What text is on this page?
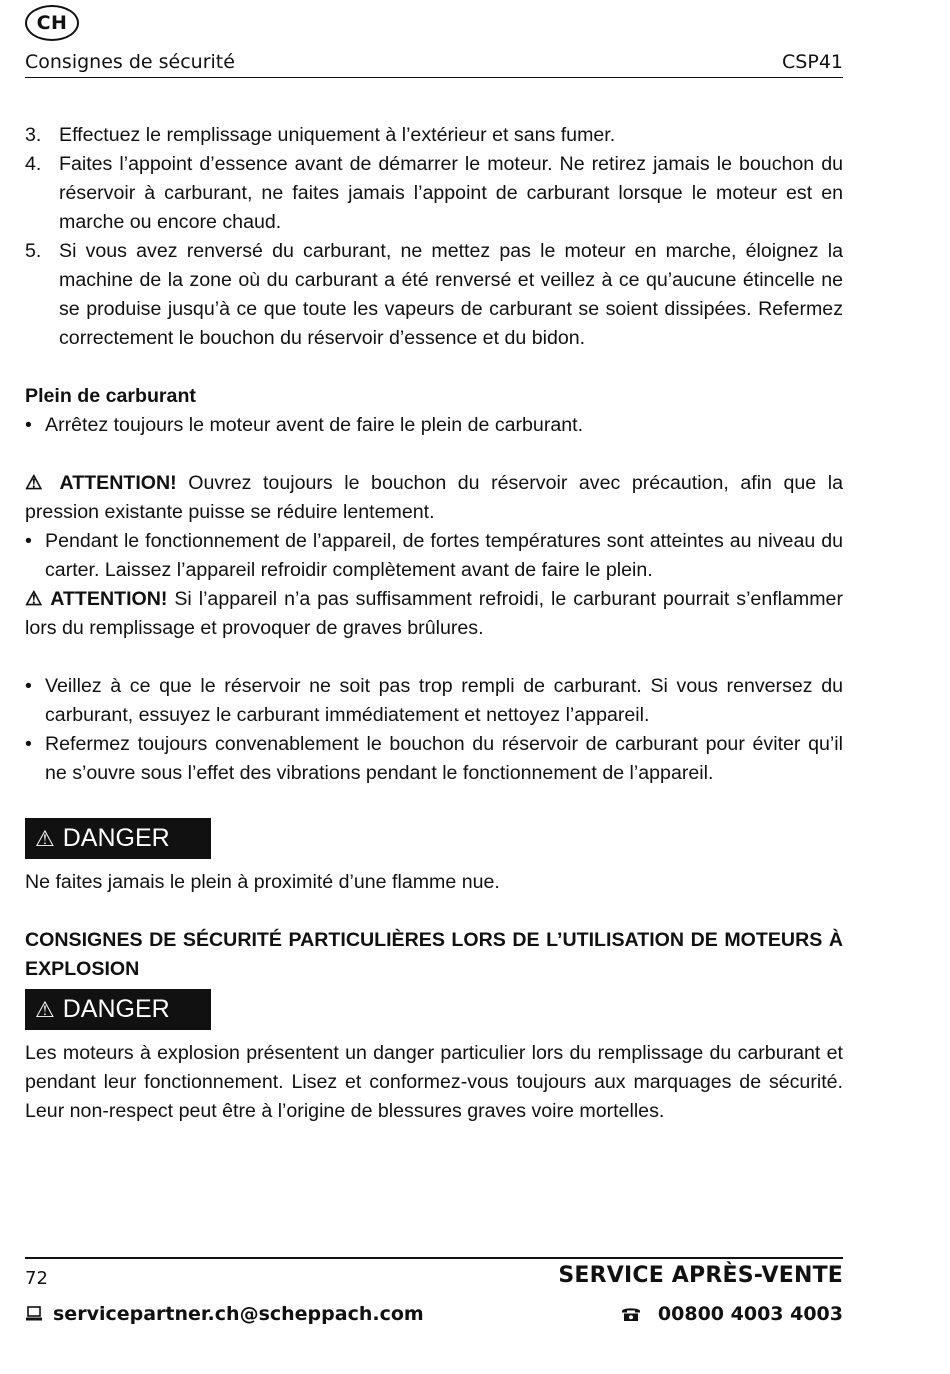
CH
Consignes de sécurité	CSP41
3. Effectuez le remplissage uniquement à l’extérieur et sans fumer.
4. Faites l’appoint d’essence avant de démarrer le moteur. Ne retirez jamais le bouchon du réservoir à carburant, ne faites jamais l’appoint de carburant lorsque le moteur est en marche ou encore chaud.
5. Si vous avez renversé du carburant, ne mettez pas le moteur en marche, éloignez la machine de la zone où du carburant a été renversé et veillez à ce qu’aucune étincelle ne se produise jusqu’à ce que toute les vapeurs de carburant se soient dissipées. Refermez correctement le bouchon du réservoir d’essence et du bidon.

Plein de carburant

• Arrêtez toujours le moteur avent de faire le plein de carburant.

⚠ ATTENTION! Ouvrez toujours le bouchon du réservoir avec précaution, afin que la pression existante puisse se réduire lentement.

• Pendant le fonctionnement de l’appareil, de fortes températures sont atteintes au niveau du carter. Laissez l’appareil refroidir complètement avant de faire le plein.

⚠ ATTENTION! Si l’appareil n’a pas suffisamment refroidi, le carburant pourrait s’enflammer lors du remplissage et provoquer de graves brûlures.

• Veillez à ce que le réservoir ne soit pas trop rempli de carburant. Si vous renversez du carburant, essuyez le carburant immédiatement et nettoyez l’appareil.
• Refermez toujours convenablement le bouchon du réservoir de carburant pour éviter qu’il ne s’ouvre sous l’effet des vibrations pendant le fonctionnement de l’appareil.
⚠ DANGER

Ne faites jamais le plein à proximité d’une flamme nue.

CONSIGNES DE SÉCURITÉ PARTICULIÈRES LORS DE L’UTILISATION DE MOTEURS À EXPLOSION

⚠ DANGER

Les moteurs à explosion présentent un danger particulier lors du remplissage du carburant et pendant leur fonctionnement. Lisez et conformez-vous toujours aux marquages de sécurité. Leur non-respect peut être à l’origine de blessures graves voire mortelles.

72	SERVICE APRÈS-VENTE
servicepartner.ch@scheppach.com	00800 4003 4003
